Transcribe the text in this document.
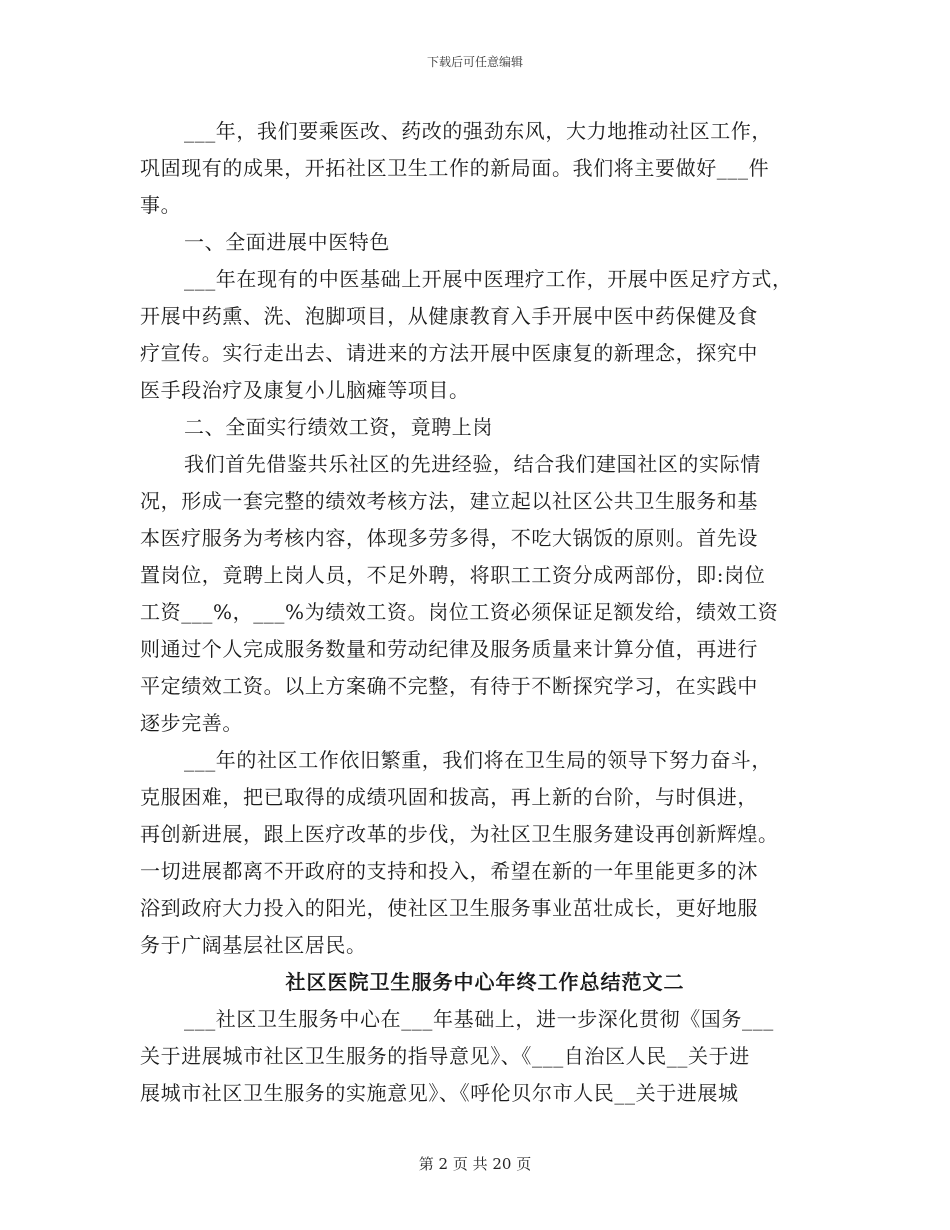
下载后可任意编辑
___年，我们要乘医改、药改的强劲东风，大力地推动社区工作，
巩固现有的成果，开拓社区卫生工作的新局面。我们将主要做好___件
事。
一、全面进展中医特色
___年在现有的中医基础上开展中医理疗工作，开展中医足疗方式，
开展中药熏、洗、泡脚项目，从健康教育入手开展中医中药保健及食
疗宣传。实行走出去、请进来的方法开展中医康复的新理念，探究中
医手段治疗及康复小儿脑瘫等项目。
二、全面实行绩效工资，竟聘上岗
我们首先借鉴共乐社区的先进经验，结合我们建国社区的实际情
况，形成一套完整的绩效考核方法，建立起以社区公共卫生服务和基
本医疗服务为考核内容，体现多劳多得，不吃大锅饭的原则。首先设
置岗位，竟聘上岗人员，不足外聘，将职工工资分成两部份，即:岗位
工资___%，___%为绩效工资。岗位工资必须保证足额发给，绩效工资
则通过个人完成服务数量和劳动纪律及服务质量来计算分值，再进行
平定绩效工资。以上方案确不完整，有待于不断探究学习，在实践中
逐步完善。
___年的社区工作依旧繁重，我们将在卫生局的领导下努力奋斗，
克服困难，把已取得的成绩巩固和拔高，再上新的台阶，与时俱进，
再创新进展，跟上医疗改革的步伐，为社区卫生服务建设再创新辉煌。
一切进展都离不开政府的支持和投入，希望在新的一年里能更多的沐
浴到政府大力投入的阳光，使社区卫生服务事业茁壮成长，更好地服
务于广阔基层社区居民。
社区医院卫生服务中心年终工作总结范文二
___社区卫生服务中心在___年基础上，进一步深化贯彻《国务___
关于进展城市社区卫生服务的指导意见》、《___自治区人民__关于进
展城市社区卫生服务的实施意见》、《呼伦贝尔市人民__关于进展城
第 2 页 共 20 页
